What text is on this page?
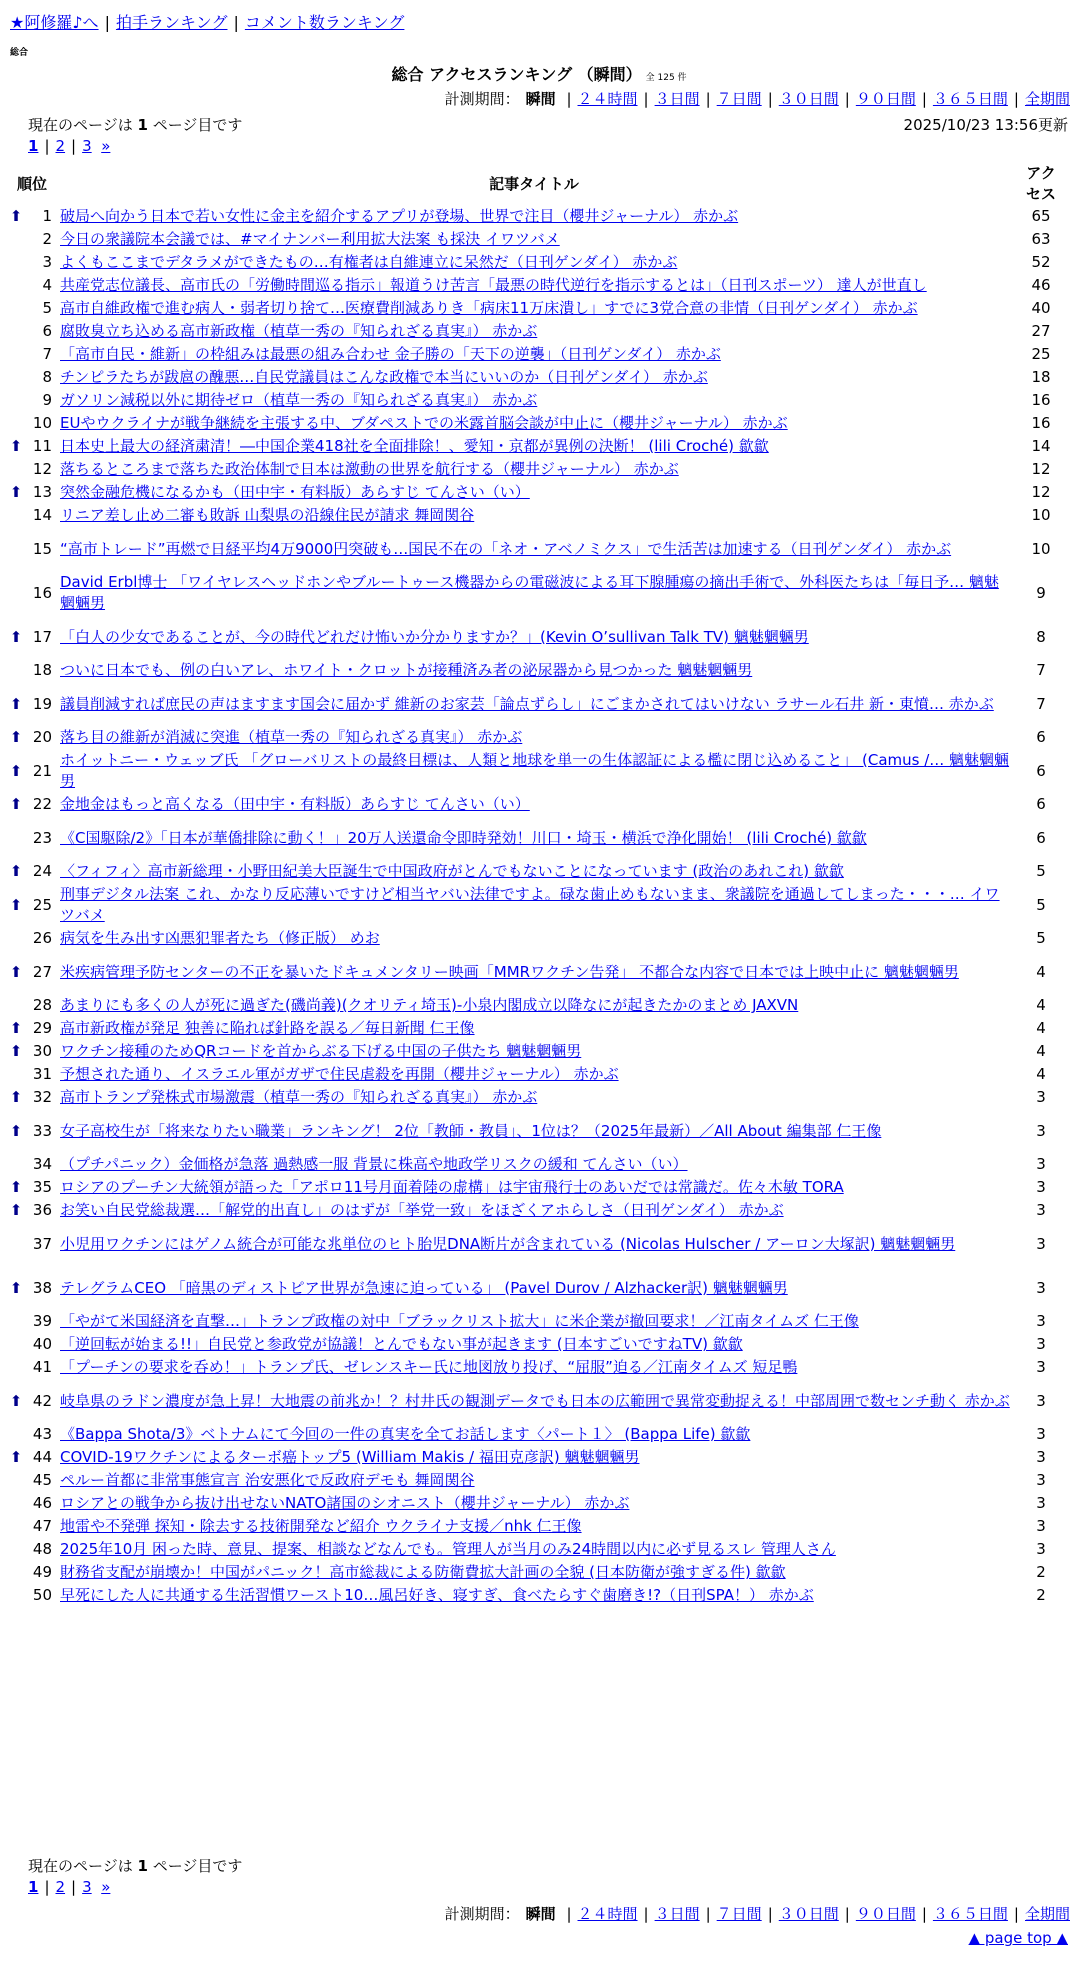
★阿修羅♪へ | 拍手ランキング | コメント数ランキング
総合
総合 アクセスランキング （瞬間） 全 125 件
計測期間： 瞬間 | ２４時間 | ３日間 | ７日間 | ３０日間 | ９０日間 | ３６５日間 | 全期間
現在のページは 1 ページ目です	2025/10/23 13:56更新
1 | 2 | 3 »
順位		記事タイトル	アクセス

⬆	1	破局へ向かう日本で若い女性に金主を紹介するアプリが登場、世界で注目（櫻井ジャーナル） 赤かぶ	65
	2	今日の衆議院本会議では、#マイナンバー利用拡大法案 も採決 イワツバメ	63
	3	よくもここまでデタラメができたもの…有権者は自維連立に呆然だ（日刊ゲンダイ） 赤かぶ	52
	4	共産党志位議長、高市氏の「労働時間巡る指示」報道うけ苦言「最悪の時代逆行を指示するとは」（日刊スポーツ） 達人が世直し	46
	5	高市自維政権で進む病人・弱者切り捨て…医療費削減ありき「病床11万床潰し」すでに3党合意の非情（日刊ゲンダイ） 赤かぶ	40
	6	腐敗臭立ち込める高市新政権（植草一秀の『知られざる真実』） 赤かぶ	27
	7	「高市自民・維新」の枠組みは最悪の組み合わせ 金子勝の「天下の逆襲」（日刊ゲンダイ） 赤かぶ	25
	8	チンピラたちが跋扈の醜悪…自民党議員はこんな政権で本当にいいのか（日刊ゲンダイ） 赤かぶ	18
	9	ガソリン減税以外に期待ゼロ（植草一秀の『知られざる真実』） 赤かぶ	16
	10	EUやウクライナが戦争継続を主張する中、ブダペストでの米露首脳会談が中止に（櫻井ジャーナル） 赤かぶ	16
⬆	11	日本史上最大の経済粛清！―中国企業418社を全面排除！、愛知・京都が異例の決断！ (lili Croché) 歙歙	14
	12	落ちるところまで落ちた政治体制で日本は激動の世界を航行する（櫻井ジャーナル） 赤かぶ	12
⬆	13	突然金融危機になるかも（田中宇・有料版）あらすじ てんさい（い）	12
	14	リニア差し止め二審も敗訴 山梨県の沿線住民が請求 舞岡関谷	10
	15	“高市トレード”再燃で日経平均4万9000円突破も…国民不在の「ネオ・アベノミクス」で生活苦は加速する（日刊ゲンダイ） 赤かぶ	10
	16	David Erbl博士 「ワイヤレスヘッドホンやブルートゥース機器からの電磁波による耳下腺腫瘍の摘出手術で、外科医たちは「毎日予… 魑魅魍魎男	9
⬆	17	「白人の少女であることが、今の時代どれだけ怖いか分かりますか？」(Kevin O’sullivan Talk TV) 魑魅魍魎男	8
	18	ついに日本でも、例の白いアレ、ホワイト・クロットが接種済み者の泌尿器から見つかった 魑魅魍魎男	7
⬆	19	議員削減すれば庶民の声はますます国会に届かず 維新のお家芸「論点ずらし」にごまかされてはいけない ラサール石井 新・東憤… 赤かぶ	7
⬆	20	落ち目の維新が消滅に突進（植草一秀の『知られざる真実』） 赤かぶ	6
⬆	21	ホイットニー・ウェッブ氏 「グローバリストの最終目標は、人類と地球を単一の生体認証による檻に閉じ込めること」 (Camus /… 魑魅魍魎男	6
⬆	22	金地金はもっと高くなる（田中宇・有料版）あらすじ てんさい（い）	6
	23	《C国駆除/2》「日本が華僑排除に動く！」20万人送還命令即時発効！川口・埼玉・横浜で浄化開始！ (lili Croché) 歙歙	6
⬆	24	〈フィフィ〉高市新総理・小野田紀美大臣誕生で中国政府がとんでもないことになっています (政治のあれこれ) 歙歙	5
⬆	25	刑事デジタル法案 これ、かなり反応薄いですけど相当ヤバい法律ですよ。碌な歯止めもないまま、衆議院を通過してしまった・・・… イワツバメ	5
	26	病気を生み出す凶悪犯罪者たち（修正版） めお	5
⬆	27	米疾病管理予防センターの不正を暴いたドキュメンタリー映画「MMRワクチン告発」 不都合な内容で日本では上映中止に 魑魅魍魎男	4
	28	あまりにも多くの人が死に過ぎた(磯尚義)(クオリティ埼玉)-小泉内閣成立以降なにが起きたかのまとめ JAXVN	4
⬆	29	高市新政権が発足 独善に陥れば針路を誤る／毎日新聞 仁王像	4
⬆	30	ワクチン接種のためQRコードを首からぶる下げる中国の子供たち 魑魅魍魎男	4
	31	予想された通り、イスラエル軍がガザで住民虐殺を再開（櫻井ジャーナル） 赤かぶ	4
⬆	32	高市トランプ発株式市場激震（植草一秀の『知られざる真実』） 赤かぶ	3
⬆	33	女子高校生が「将来なりたい職業」ランキング！ 2位「教師・教員」、1位は？（2025年最新）／All About 編集部 仁王像	3
	34	（プチパニック）金価格が急落 過熱感一服 背景に株高や地政学リスクの緩和 てんさい（い）	3
⬆	35	ロシアのプーチン大統領が語った「アポロ11号月面着陸の虚構」は宇宙飛行士のあいだでは常識だ。佐々木敏 TORA	3
⬆	36	お笑い自民党総裁選…「解党的出直し」のはずが「挙党一致」をほざくアホらしさ（日刊ゲンダイ） 赤かぶ	3
	37	小児用ワクチンにはゲノム統合が可能な兆単位のヒト胎児DNA断片が含まれている (Nicolas Hulscher / アーロン大塚訳) 魑魅魍魎男	3
⬆	38	テレグラムCEO 「暗黒のディストピア世界が急速に迫っている」 (Pavel Durov / Alzhacker訳) 魑魅魍魎男	3
	39	「やがて米国経済を直撃…」トランプ政権の対中「ブラックリスト拡大」に米企業が撤回要求！／江南タイムズ 仁王像	3
	40	「逆回転が始まる!!」自民党と参政党が協議！とんでもない事が起きます (日本すごいですねTV) 歙歙	3
	41	「プーチンの要求を呑め！」トランプ氏、ゼレンスキー氏に地図放り投げ、“屈服”迫る／江南タイムズ 短足鴨	3
⬆	42	岐阜県のラドン濃度が急上昇！大地震の前兆か！？村井氏の観測データでも日本の広範囲で異常変動捉える！中部周囲で数センチ動く 赤かぶ	3
	43	《Bappa Shota/3》ベトナムにて今回の一件の真実を全てお話します〈パート１〉 (Bappa Life) 歙歙	3
⬆	44	COVID-19ワクチンによるターボ癌トップ5 (William Makis / 福田克彦訳) 魑魅魍魎男	3
	45	ペルー首都に非常事態宣言 治安悪化で反政府デモも 舞岡関谷	3
	46	ロシアとの戦争から抜け出せないNATO諸国のシオニスト（櫻井ジャーナル） 赤かぶ	3
	47	地雷や不発弾 探知・除去する技術開発など紹介 ウクライナ支援／nhk 仁王像	3
	48	2025年10月 困った時、意見、提案、相談などなんでも。管理人が当月のみ24時間以内に必ず見るスレ 管理人さん	3
	49	財務省支配が崩壊か！中国がパニック！高市総裁による防衛費拡大計画の全貌 (日本防衛が強すぎる件) 歙歙	2
	50	早死にした人に共通する生活習慣ワースト10…風呂好き、寝すぎ、食べたらすぐ歯磨き!?（日刊SPA！） 赤かぶ	2
現在のページは 1 ページ目です
1 | 2 | 3 »
計測期間： 瞬間 | ２４時間 | ３日間 | ７日間 | ３０日間 | ９０日間 | ３６５日間 | 全期間
▲ page top ▲
